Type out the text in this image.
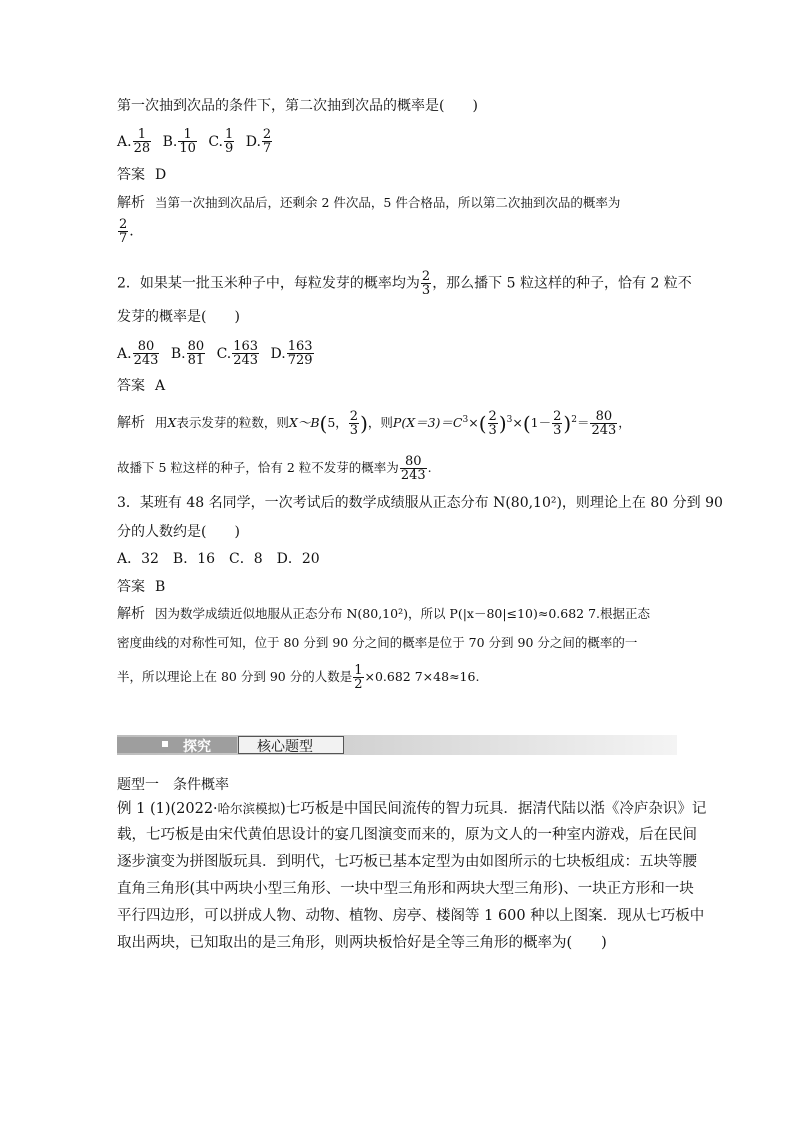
第一次抽到次品的条件下，第二次抽到次品的概率是(　　)
A. $\frac{1}{28} B$. $\frac{1}{10} C$. $\frac{1}{9} D$. $\frac{2}{7}$
答案 D
解析 当第一次抽到次品后，还剩余 2 件次品，5 件合格品，所以第二次抽到次品的概率为
$\frac{2}{7}$ .
2．如果某一批玉米种子中，每粒发芽的概率均为 $\frac{2}{3}$ ，那么播下 5 粒这样的种子，恰有 2 粒不
发芽的概率是(　　)
A. $\frac{80}{243} B$. $\frac{80}{81} C$. $\frac{163}{243} D$. $\frac{163}{729}$
答案 A
解析 用X表示发芽的粒数，则X～B(5， $\frac{2}{3}$ )，则$P(X=3)=C^3\times( \frac{2}{3} )^3\times(1- \frac{2}{3} )^2= \frac{80}{243}$ ，
故播下 5 粒这样的种子，恰有 2 粒不发芽的概率为 $\frac{80}{243}$ .
3．某班有 48 名同学，一次考试后的数学成绩服从正态分布 N(80,10²)，则理论上在 80 分到 90
分的人数约是(　　)
A．32　B．16　C．8　D．20
答案 B
解析 因为数学成绩近似地服从正态分布 N(80,10²)，所以 P(|x－80|≤10)≈0.682 7.根据正态
密度曲线的对称性可知，位于 80 分到 90 分之间的概率是位于 70 分到 90 分之间的概率的一
半，所以理论上在 80 分到 90 分的人数是 $\frac{1}{2} \times 0.682$ 7×48≈16.
探究	核心题型
题型一　条件概率
例 1 (1)(2022·哈尔滨模拟)七巧板是中国民间流传的智力玩具．据清代陆以湉《冷庐杂识》记
载，七巧板是由宋代黄伯思设计的宴几图演变而来的，原为文人的一种室内游戏，后在民间
逐步演变为拼图版玩具．到明代，七巧板已基本定型为由如图所示的七块板组成：五块等腰
直角三角形(其中两块小型三角形、一块中型三角形和两块大型三角形)、一块正方形和一块
平行四边形，可以拼成人物、动物、植物、房亭、楼阁等 1 600 种以上图案．现从七巧板中
取出两块，已知取出的是三角形，则两块板恰好是全等三角形的概率为(　　)
